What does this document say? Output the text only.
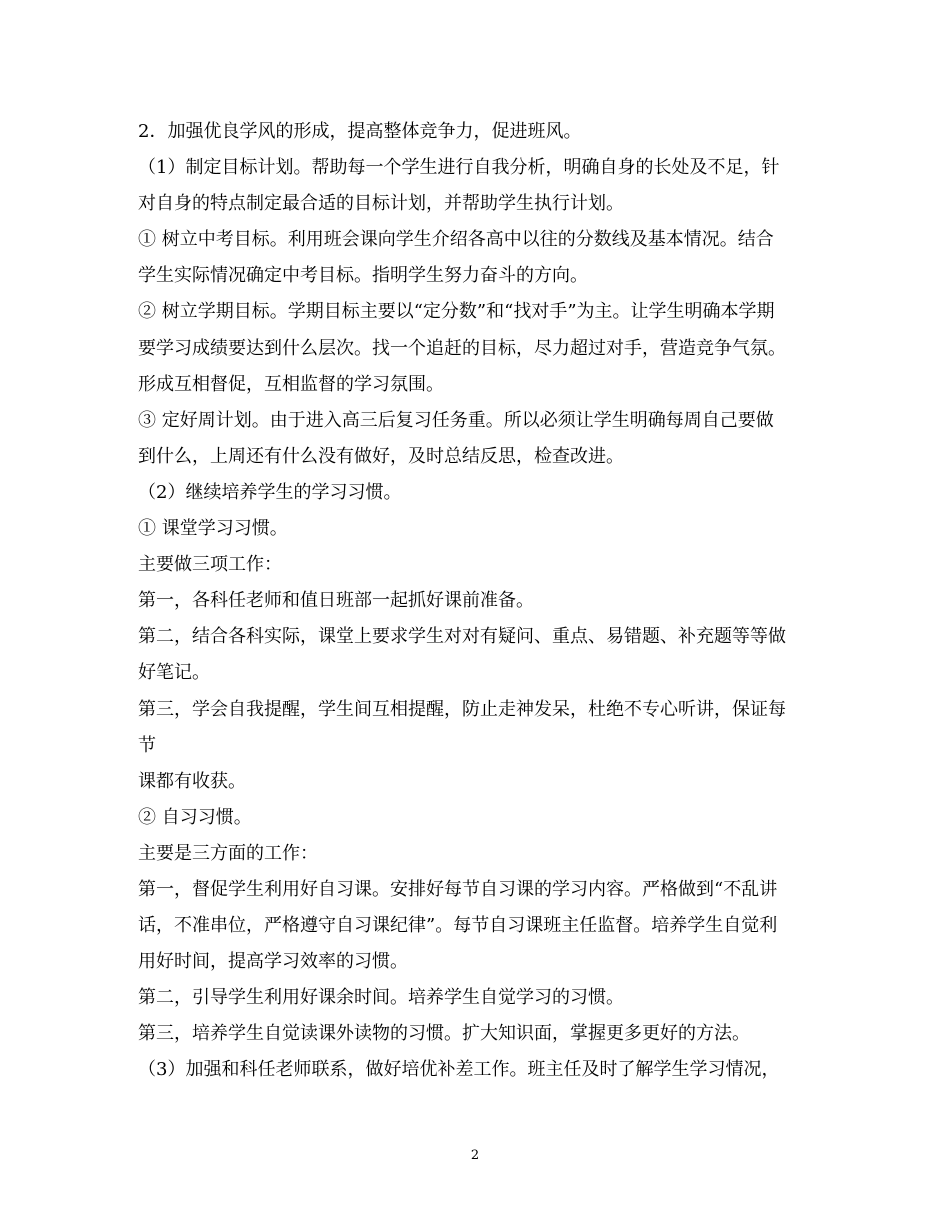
2．加强优良学风的形成，提高整体竞争力，促进班风。
（1）制定目标计划。帮助每一个学生进行自我分析，明确自身的长处及不足，针
对自身的特点制定最合适的目标计划，并帮助学生执行计划。
① 树立中考目标。利用班会课向学生介绍各高中以往的分数线及基本情况。结合
学生实际情况确定中考目标。指明学生努力奋斗的方向。
② 树立学期目标。学期目标主要以“定分数”和“找对手”为主。让学生明确本学期
要学习成绩要达到什么层次。找一个追赶的目标，尽力超过对手，营造竞争气氛。
形成互相督促，互相监督的学习氛围。
③ 定好周计划。由于进入高三后复习任务重。所以必须让学生明确每周自己要做
到什么，上周还有什么没有做好，及时总结反思，检查改进。
（2）继续培养学生的学习习惯。
① 课堂学习习惯。
主要做三项工作：
第一，各科任老师和值日班部一起抓好课前准备。
第二，结合各科实际，课堂上要求学生对对有疑问、重点、易错题、补充题等等做
好笔记。
第三，学会自我提醒，学生间互相提醒，防止走神发呆，杜绝不专心听讲，保证每
节
课都有收获。
② 自习习惯。
主要是三方面的工作：
第一，督促学生利用好自习课。安排好每节自习课的学习内容。严格做到“不乱讲
话，不准串位，严格遵守自习课纪律”。每节自习课班主任监督。培养学生自觉利
用好时间，提高学习效率的习惯。
第二，引导学生利用好课余时间。培养学生自觉学习的习惯。
第三，培养学生自觉读课外读物的习惯。扩大知识面，掌握更多更好的方法。
（3）加强和科任老师联系，做好培优补差工作。班主任及时了解学生学习情况，
2
